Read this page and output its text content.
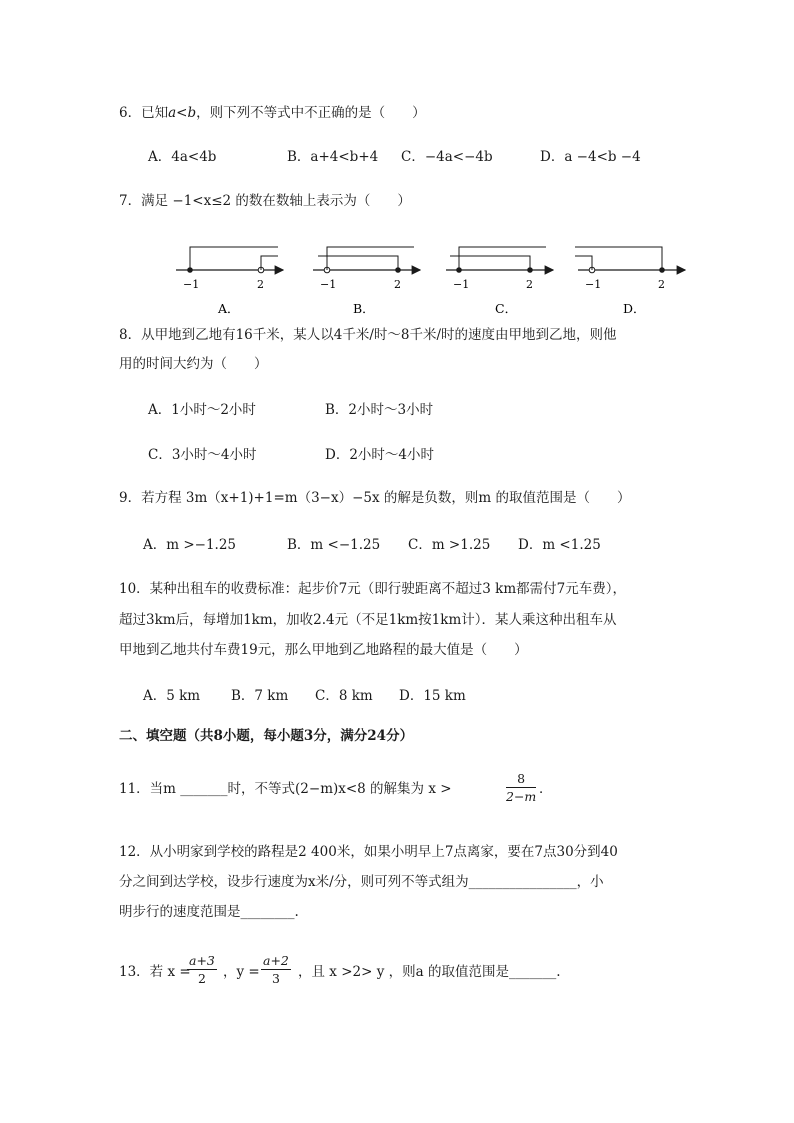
6．已知a<b，则下列不等式中不正确的是（　　）
A．4a<4b	B．a+4<b+4 C．−4a<−4b	D．a −4<b −4
7．满足 −1<x≤2 的数在数轴上表示为（　　）
−1	2	−1	2	−1	2	−1	2
A．	B．	C．	D．
8．从甲地到乙地有16千米，某人以4千米/时～8千米/时的速度由甲地到乙地，则他
用的时间大约为（　　）
A．1小时～2小时	B．2小时～3小时
C．3小时～4小时	D．2小时～4小时
9．若方程 3m（x+1)+1=m（3−x）−5x 的解是负数，则m 的取值范围是（　　）
A．m >−1.25	B．m <−1.25 C．m >1.25 D．m <1.25
10．某种出租车的收费标准：起步价7元（即行驶距离不超过3 km都需付7元车费），
超过3km后，每增加1km，加收2.4元（不足1km按1km计）．某人乘这种出租车从
甲地到乙地共付车费19元，那么甲地到乙地路程的最大值是（　　）
A．5 km B．7 km C．8 km D．15 km
二、填空题（共8小题，每小题3分，满分24分）
11．当m _______时，不等式(2−m)x<8 的解集为 x >	$\frac{8}{2-m}$ ．
12．从小明家到学校的路程是2 400米，如果小明早上7点离家，要在7点30分到40
分之间到达学校，设步行速度为x米/分，则可列不等式组为________________，小
明步行的速度范围是________.
13．若 x =
$\frac{a+3}{2}$ ，$y = \frac{a+2}{3}$ ，且 x >2> y ，则a 的取值范围是_______.
